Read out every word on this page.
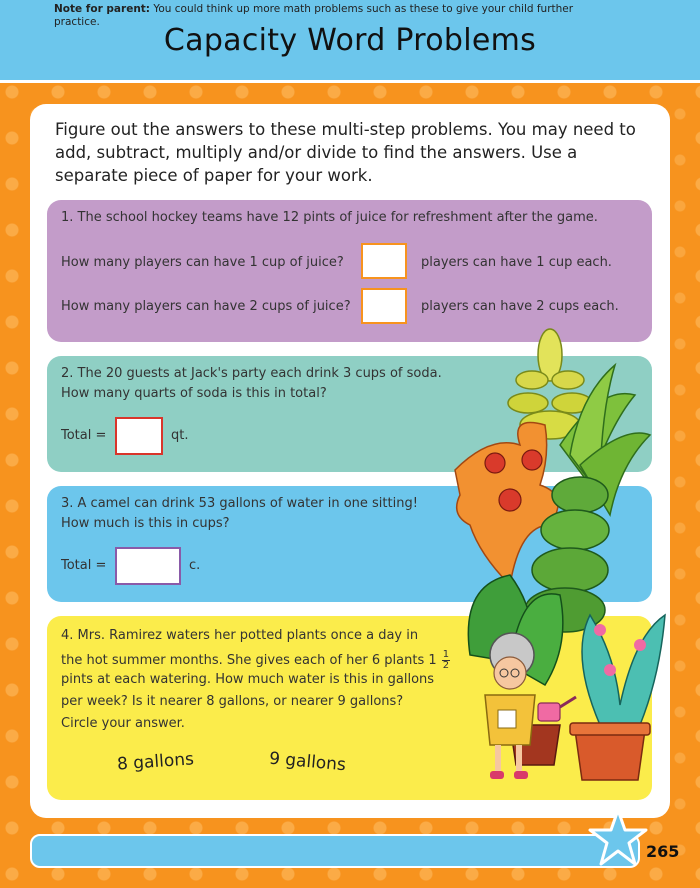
Capacity Word Problems
Figure out the answers to these multi-step problems. You may need to add, subtract, multiply and/or divide to find the answers. Use a separate piece of paper for your work.
1. The school hockey teams have 12 pints of juice for refreshment after the game.
How many players can have 1 cup of juice?	players can have 1 cup each.
How many players can have 2 cups of juice?	players can have 2 cups each.
2. The 20 guests at Jack's party each drink 3 cups of soda.
How many quarts of soda is this in total?
Total =	qt.
3. A camel can drink 53 gallons of water in one sitting!
How much is this in cups?
Total =	c.
4. Mrs. Ramirez waters her potted plants once a day in
the hot summer months. She gives each of her 6 plants $1 \frac{1}{2}$
pints at each watering. How much water is this in gallons
per week? Is it nearer 8 gallons, or nearer 9 gallons?
Circle your answer.
8 gallons	9 gallons
Note for parent: You could think up more math problems such as these to give your child further practice.
265
